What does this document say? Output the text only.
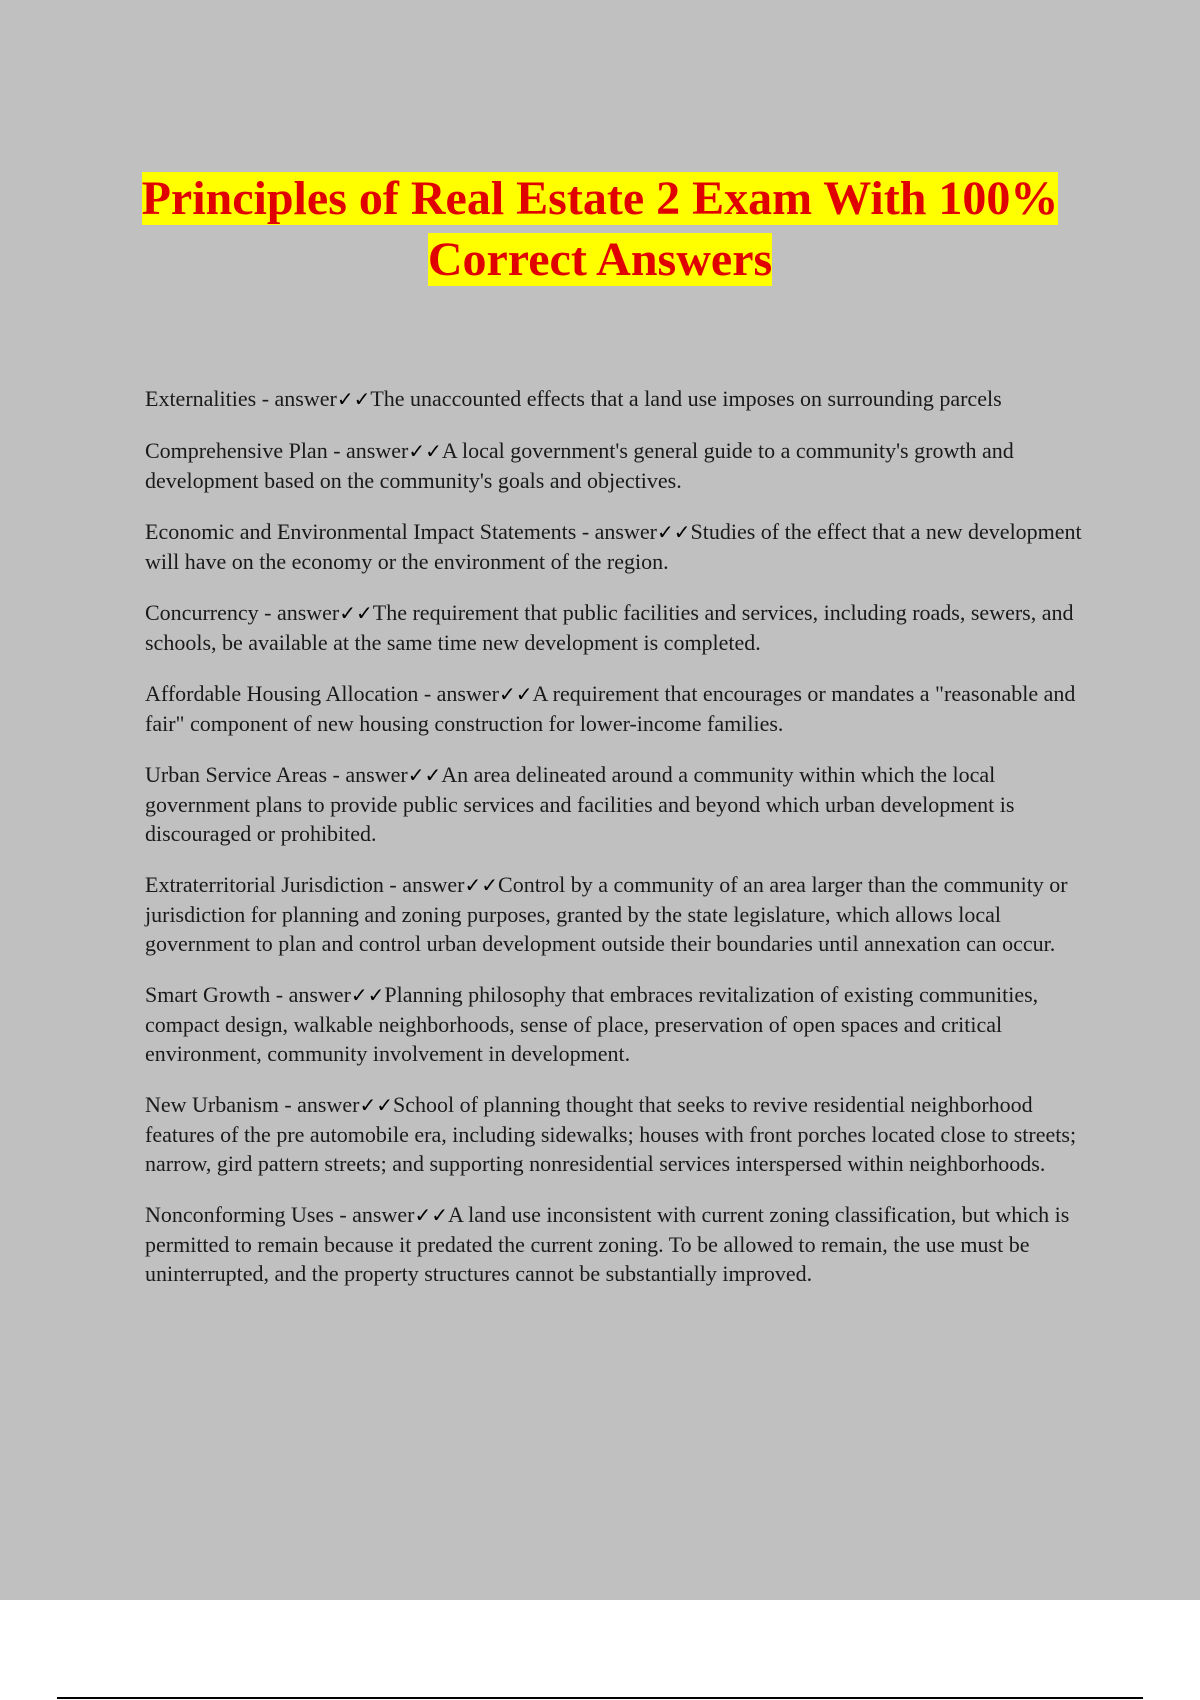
Principles of Real Estate 2 Exam With 100%

Correct Answers

Externalities - answer✓✓The unaccounted effects that a land use imposes on surrounding parcels

Comprehensive Plan - answer✓✓A local government's general guide to a community's growth and development based on the community's goals and objectives.

Economic and Environmental Impact Statements - answer✓✓Studies of the effect that a new development will have on the economy or the environment of the region.

Concurrency - answer✓✓The requirement that public facilities and services, including roads, sewers, and schools, be available at the same time new development is completed.

Affordable Housing Allocation - answer✓✓A requirement that encourages or mandates a "reasonable and fair" component of new housing construction for lower-income families.

Urban Service Areas - answer✓✓An area delineated around a community within which the local government plans to provide public services and facilities and beyond which urban development is discouraged or prohibited.

Extraterritorial Jurisdiction - answer✓✓Control by a community of an area larger than the community or jurisdiction for planning and zoning purposes, granted by the state legislature, which allows local government to plan and control urban development outside their boundaries until annexation can occur.

Smart Growth - answer✓✓Planning philosophy that embraces revitalization of existing communities, compact design, walkable neighborhoods, sense of place, preservation of open spaces and critical environment, community involvement in development.

New Urbanism - answer✓✓School of planning thought that seeks to revive residential neighborhood features of the pre automobile era, including sidewalks; houses with front porches located close to streets; narrow, gird pattern streets; and supporting nonresidential services interspersed within neighborhoods.

Nonconforming Uses - answer✓✓A land use inconsistent with current zoning classification, but which is permitted to remain because it predated the current zoning. To be allowed to remain, the use must be uninterrupted, and the property structures cannot be substantially improved.
